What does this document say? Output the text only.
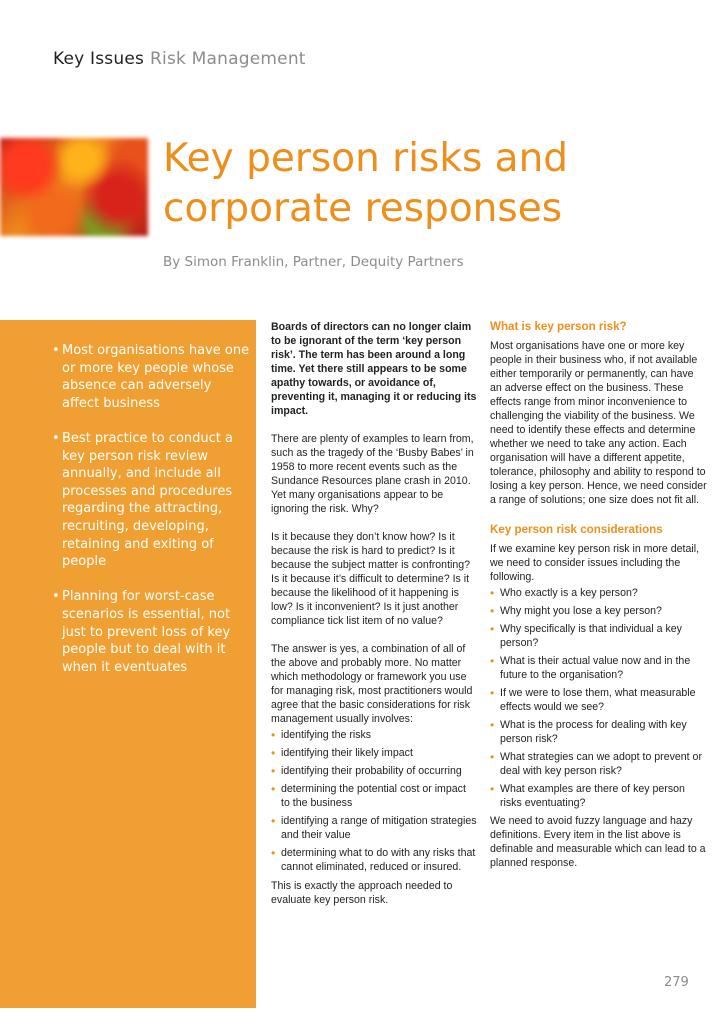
Key Issues Risk Management
Key person risks and
corporate responses
By Simon Franklin, Partner, Dequity Partners
• Most organisations have one or more key people whose absence can adversely affect business
• Best practice to conduct a key person risk review annually, and include all processes and procedures regarding the attracting, recruiting, developing, retaining and exiting of people
• Planning for worst-case scenarios is essential, not just to prevent loss of key people but to deal with it when it eventuates

Boards of directors can no longer claim to be ignorant of the term ‘key person risk’. The term has been around a long time. Yet there still appears to be some apathy towards, or avoidance of, preventing it, managing it or reducing its impact.

There are plenty of examples to learn from, such as the tragedy of the ‘Busby Babes’ in 1958 to more recent events such as the Sundance Resources plane crash in 2010. Yet many organisations appear to be ignoring the risk. Why?

Is it because they don’t know how? Is it because the risk is hard to predict? Is it because the subject matter is confronting? Is it because it’s difficult to determine? Is it because the likelihood of it happening is low? Is it inconvenient? Is it just another compliance tick list item of no value?

The answer is yes, a combination of all of the above and probably more. No matter which methodology or framework you use for managing risk, most practitioners would agree that the basic considerations for risk management usually involves:

• identifying the risks
• identifying their likely impact
• identifying their probability of occurring
• determining the potential cost or impact to the business
• identifying a range of mitigation strategies and their value
• determining what to do with any risks that cannot eliminated, reduced or insured.

This is exactly the approach needed to evaluate key person risk.

What is key person risk?

Most organisations have one or more key people in their business who, if not available either temporarily or permanently, can have an adverse effect on the business. These effects range from minor inconvenience to challenging the viability of the business. We need to identify these effects and determine whether we need to take any action. Each organisation will have a different appetite, tolerance, philosophy and ability to respond to losing a key person. Hence, we need consider a range of solutions; one size does not fit all.

Key person risk considerations

If we examine key person risk in more detail, we need to consider issues including the following.

• Who exactly is a key person?
• Why might you lose a key person?
• Why specifically is that individual a key person?
• What is their actual value now and in the future to the organisation?
• If we were to lose them, what measurable effects would we see?
• What is the process for dealing with key person risk?
• What strategies can we adopt to prevent or deal with key person risk?
• What examples are there of key person risks eventuating?

We need to avoid fuzzy language and hazy definitions. Every item in the list above is definable and measurable which can lead to a planned response.

279
